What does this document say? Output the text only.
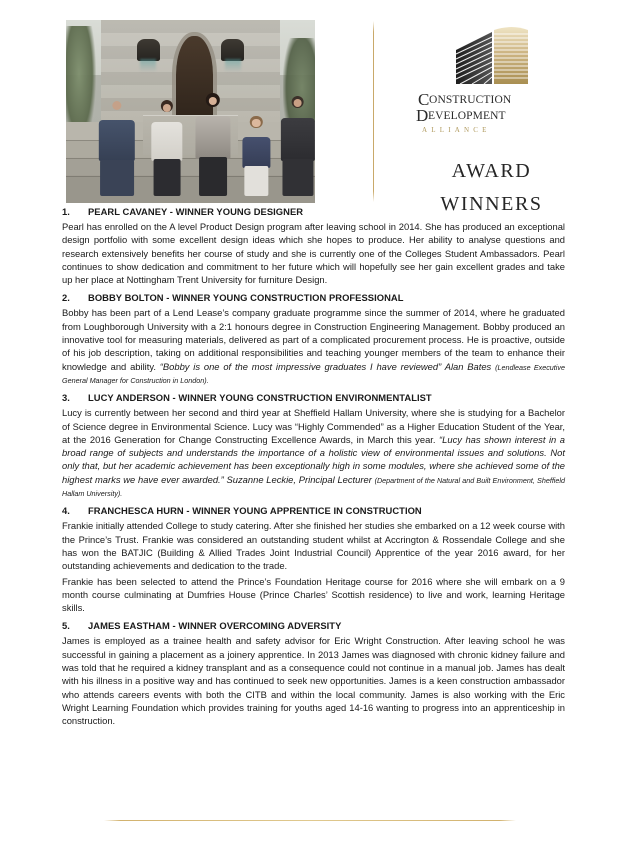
CONSTRUCTION
DEVELOPMENT
ALLIANCE
AWARD
WINNERS
1.	PEARL CAVANEY - WINNER YOUNG DESIGNER

Pearl has enrolled on the A level Product Design program after leaving school in 2014. She has produced an exceptional design portfolio with some excellent design ideas which she hopes to produce. Her ability to analyse questions and research extensively benefits her course of study and she is currently one of the Colleges Student Ambassadors. Pearl continues to show dedication and commitment to her future which will hopefully see her gain excellent grades and take up her place at Nottingham Trent University for furniture Design.

2.	BOBBY BOLTON - WINNER YOUNG CONSTRUCTION PROFESSIONAL

Bobby has been part of a Lend Lease’s company graduate programme since the summer of 2014, where he graduated from Loughborough University with a 2:1 honours degree in Construction Engineering Management. Bobby produced an innovative tool for measuring materials, delivered as part of a complicated procurement process. He is proactive, outside of his job description, taking on additional responsibilities and teaching younger members of the team to enhance their knowledge and ability. “Bobby is one of the most impressive graduates I have reviewed” Alan Bates (Lendlease Executive General Manager for Construction in London).

3.	LUCY ANDERSON - WINNER YOUNG CONSTRUCTION ENVIRONMENTALIST

Lucy is currently between her second and third year at Sheffield Hallam University, where she is studying for a Bachelor of Science degree in Environmental Science. Lucy was “Highly Commended” as a Higher Education Student of the Year, at the 2016 Generation for Change Constructing Excellence Awards, in March this year. “Lucy has shown interest in a broad range of subjects and understands the importance of a holistic view of environmental issues and solutions. Not only that, but her academic achievement has been exceptionally high in some modules, where she achieved some of the highest marks we have ever awarded.” Suzanne Leckie, Principal Lecturer (Department of the Natural and Built Environment, Sheffield Hallam University).

4.	FRANCHESCA HURN - WINNER YOUNG APPRENTICE IN CONSTRUCTION

Frankie initially attended College to study catering. After she finished her studies she embarked on a 12 week course with the Prince’s Trust. Frankie was considered an outstanding student whilst at Accrington & Rossendale College and she has won the BATJIC (Building & Allied Trades Joint Industrial Council) Apprentice of the year 2016 award, for her outstanding achievements and dedication to the trade.

Frankie has been selected to attend the Prince’s Foundation Heritage course for 2016 where she will embark on a 9 month course culminating at Dumfries House (Prince Charles’ Scottish residence) to live and work, learning Heritage skills.

5.	JAMES EASTHAM - WINNER OVERCOMING ADVERSITY

James is employed as a trainee health and safety advisor for Eric Wright Construction. After leaving school he was successful in gaining a placement as a joinery apprentice. In 2013 James was diagnosed with chronic kidney failure and was told that he required a kidney transplant and as a consequence could not continue in a manual job. James has dealt with his illness in a positive way and has continued to seek new opportunities. James is a keen construction ambassador who attends careers events with both the CITB and within the local community. James is also working with the Eric Wright Learning Foundation which provides training for youths aged 14-16 wanting to progress into an apprenticeship in construction.
